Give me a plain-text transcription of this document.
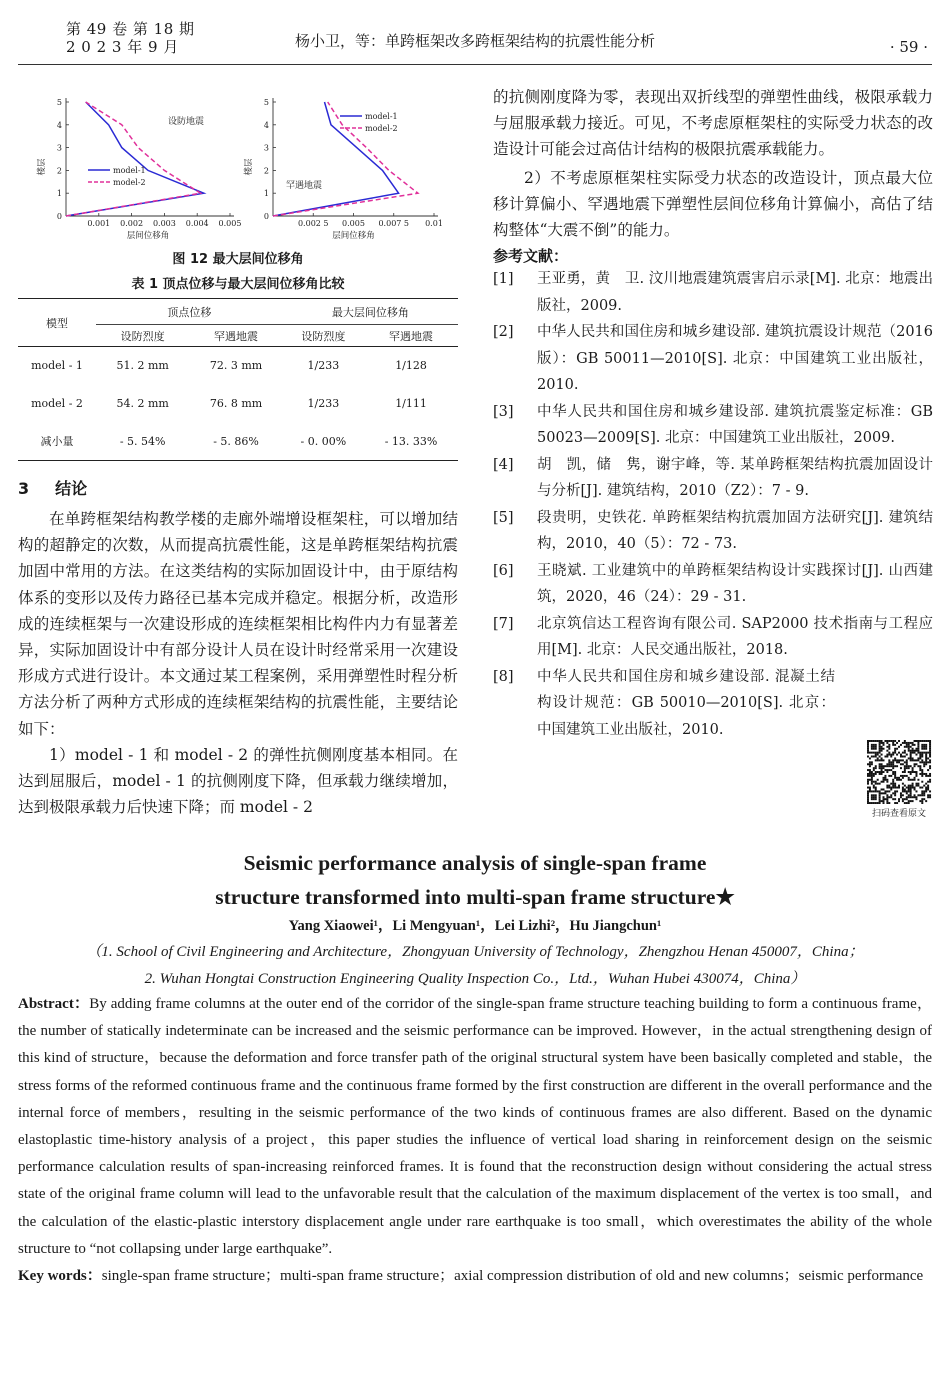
第 49 卷 第 18 期
2 0 2 3 年 9 月	杨小卫，等：单跨框架改多跨框架结构的抗震性能分析	· 59 ·
0
1
2
3
4
5
0.001 0.002 0.003 0.004 0.005
层间位移角
楼层
设防地震
model-1
model-2
0
1
2
3
4
5
0.002 5 0.005 0.007 5 0.01
层间位移角
楼层
罕遇地震
model-1
model-2
图 12 最大层间位移角
表 1 顶点位移与最大层间位移角比较
模型	顶点位移		最大层间位移角	
	设防烈度	罕遇地震	设防烈度	罕遇地震
model - 1	51. 2 mm	72. 3 mm	1/233	1/128
model - 2	54. 2 mm	76. 8 mm	1/233	1/111
减小量	- 5. 54%	- 5. 86%	- 0. 00%	- 13. 33%
3 结论

在单跨框架结构教学楼的走廊外端增设框架柱，可以增加结构的超静定的次数，从而提高抗震性能，这是单跨框架结构抗震加固中常用的方法。在这类结构的实际加固设计中，由于原结构体系的变形以及传力路径已基本完成并稳定。根据分析，改造形成的连续框架与一次建设形成的连续框架相比构件内力有显著差异，实际加固设计中有部分设计人员在设计时经常采用一次建设形成方式进行设计。本文通过某工程案例，采用弹塑性时程分析方法分析了两种方式形成的连续框架结构的抗震性能，主要结论如下：

1）model - 1 和 model - 2 的弹性抗侧刚度基本相同。在达到屈服后，model - 1 的抗侧刚度下降，但承载力继续增加，达到极限承载力后快速下降；而 model - 2

的抗侧刚度降为零，表现出双折线型的弹塑性曲线，极限承载力与屈服承载力接近。可见，不考虑原框架柱的实际受力状态的改造设计可能会过高估计结构的极限抗震承载能力。

2）不考虑原框架柱实际受力状态的改造设计，顶点最大位移计算偏小、罕遇地震下弹塑性层间位移角计算偏小，高估了结构整体“大震不倒”的能力。

参考文献：
[1]	王亚勇，黄　卫. 汶川地震建筑震害启示录[M]. 北京：地震出版社，2009.
[2]	中华人民共和国住房和城乡建设部. 建筑抗震设计规范（2016 版）：GB 50011—2010[S]. 北京：中国建筑工业出版社，2010.
[3]	中华人民共和国住房和城乡建设部. 建筑抗震鉴定标准：GB 50023—2009[S]. 北京：中国建筑工业出版社，2009.
[4]	胡　凯，储　隽，谢宇峰，等. 某单跨框架结构抗震加固设计与分析[J]. 建筑结构，2010（Z2）：7 - 9.
[5]	段贵明，史铁花. 单跨框架结构抗震加固方法研究[J]. 建筑结构，2010，40（5）：72 - 73.
[6]	王晓斌. 工业建筑中的单跨框架结构设计实践探讨[J]. 山西建筑，2020，46（24）：29 - 31.
[7]	北京筑信达工程咨询有限公司. SAP2000 技术指南与工程应用[M]. 北京：人民交通出版社，2018.
[8]	中华人民共和国住房和城乡建设部. 混凝土结构设计规范：GB 50010—2010[S]. 北京：中国建筑工业出版社，2010.
扫码查看原文
Seismic performance analysis of single-span frame
structure transformed into multi-span frame structure★
Yang Xiaowei¹，Li Mengyuan¹，Lei Lizhi²，Hu Jiangchun¹
（1. School of Civil Engineering and Architecture，Zhongyuan University of Technology，Zhengzhou Henan 450007，China；
2. Wuhan Hongtai Construction Engineering Quality Inspection Co.，Ltd.，Wuhan Hubei 430074，China）

Abstract：By adding frame columns at the outer end of the corridor of the single-span frame structure teaching building to form a continuous frame，the number of statically indeterminate can be increased and the seismic performance can be improved. However，in the actual strengthening design of this kind of structure，because the deformation and force transfer path of the original structural system have been basically completed and stable，the stress forms of the reformed continuous frame and the continuous frame formed by the first construction are different in the overall performance and the internal force of members，resulting in the seismic performance of the two kinds of continuous frames are also different. Based on the dynamic elastoplastic time-history analysis of a project，this paper studies the influence of vertical load sharing in reinforcement design on the seismic performance calculation results of span-increasing reinforced frames. It is found that the reconstruction design without considering the actual stress state of the original frame column will lead to the unfavorable result that the calculation of the maximum displacement of the vertex is too small，and the calculation of the elastic-plastic interstory displacement angle under rare earthquake is too small，which overestimates the ability of the whole structure to “not collapsing under large earthquake”.

Key words：single-span frame structure；multi-span frame structure；axial compression distribution of old and new columns；seismic performance
